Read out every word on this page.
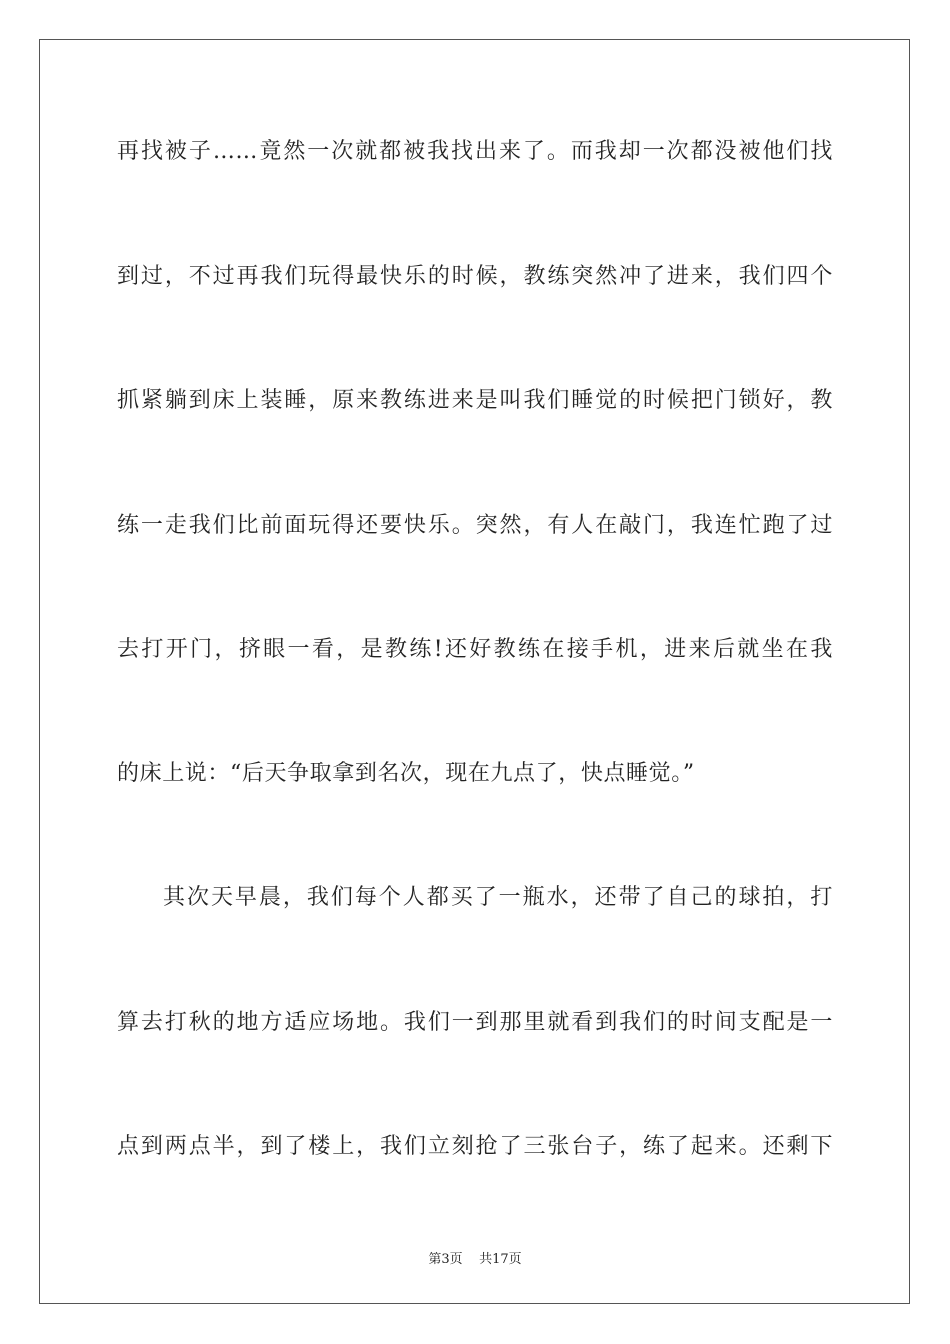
再找被子……竟然一次就都被我找出来了。而我却一次都没被他们找
到过，不过再我们玩得最快乐的时候，教练突然冲了进来，我们四个
抓紧躺到床上装睡，原来教练进来是叫我们睡觉的时候把门锁好，教
练一走我们比前面玩得还要快乐。突然，有人在敲门，我连忙跑了过
去打开门，挤眼一看，是教练!还好教练在接手机，进来后就坐在我
的床上说：“后天争取拿到名次，现在九点了，快点睡觉。”
其次天早晨，我们每个人都买了一瓶水，还带了自己的球拍，打
算去打秋的地方适应场地。我们一到那里就看到我们的时间支配是一
点到两点半，到了楼上，我们立刻抢了三张台子，练了起来。还剩下
第3页 共17页
